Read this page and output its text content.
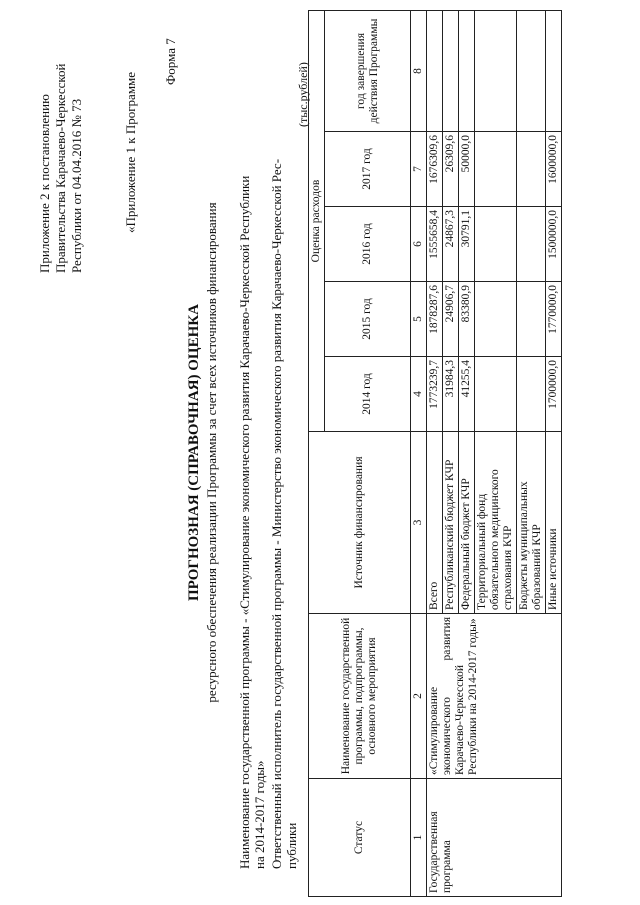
Приложение 2 к постановлению Правительства Карачаево-Черкесской Республики от 04.04.2016 № 73	«Приложение 1 к Программе
Форма 7
ПРОГНОЗНАЯ (СПРАВОЧНАЯ) ОЦЕНКА ресурсного обеспечения реализации Программы за счет всех источников финансирования Наименование государственной программы - «Стимулирование экономического развития Карачаево-Черкесской Республики на 2014-2017 годы» Ответственный исполнитель государственной программы - Министерство экономического развития Карачаево-Черкесской Рес- публики
(тыс.рублей)
Статус	Наименование государственной программы, подпрограммы, основного мероприятия	Источник финансирования	Оценка расходов				
			2014 год	2015 год	2016 год	2017 год	год завершения действия Программы
1	2	3	4	5	6	7	8
Государственная программа	«Стимулирование экономического развития Карачаево-Черкесской Республики на 2014-2017 годы»	Всего	1773239,7	1878287,6	1555658,4	1676309,6	
		Республиканский бюджет КЧР	31984,3	24906,7	24867,3	26309,6	
		Федеральный бюджет КЧР	41255,4	83380,9	30791,1	50000,0	
		Территориальный фонд обязательного медицинского страхования КЧР					
		Бюджеты муниципальных образований КЧР					
		Иные источники	1700000,0	1770000,0	1500000,0	1600000,0	
